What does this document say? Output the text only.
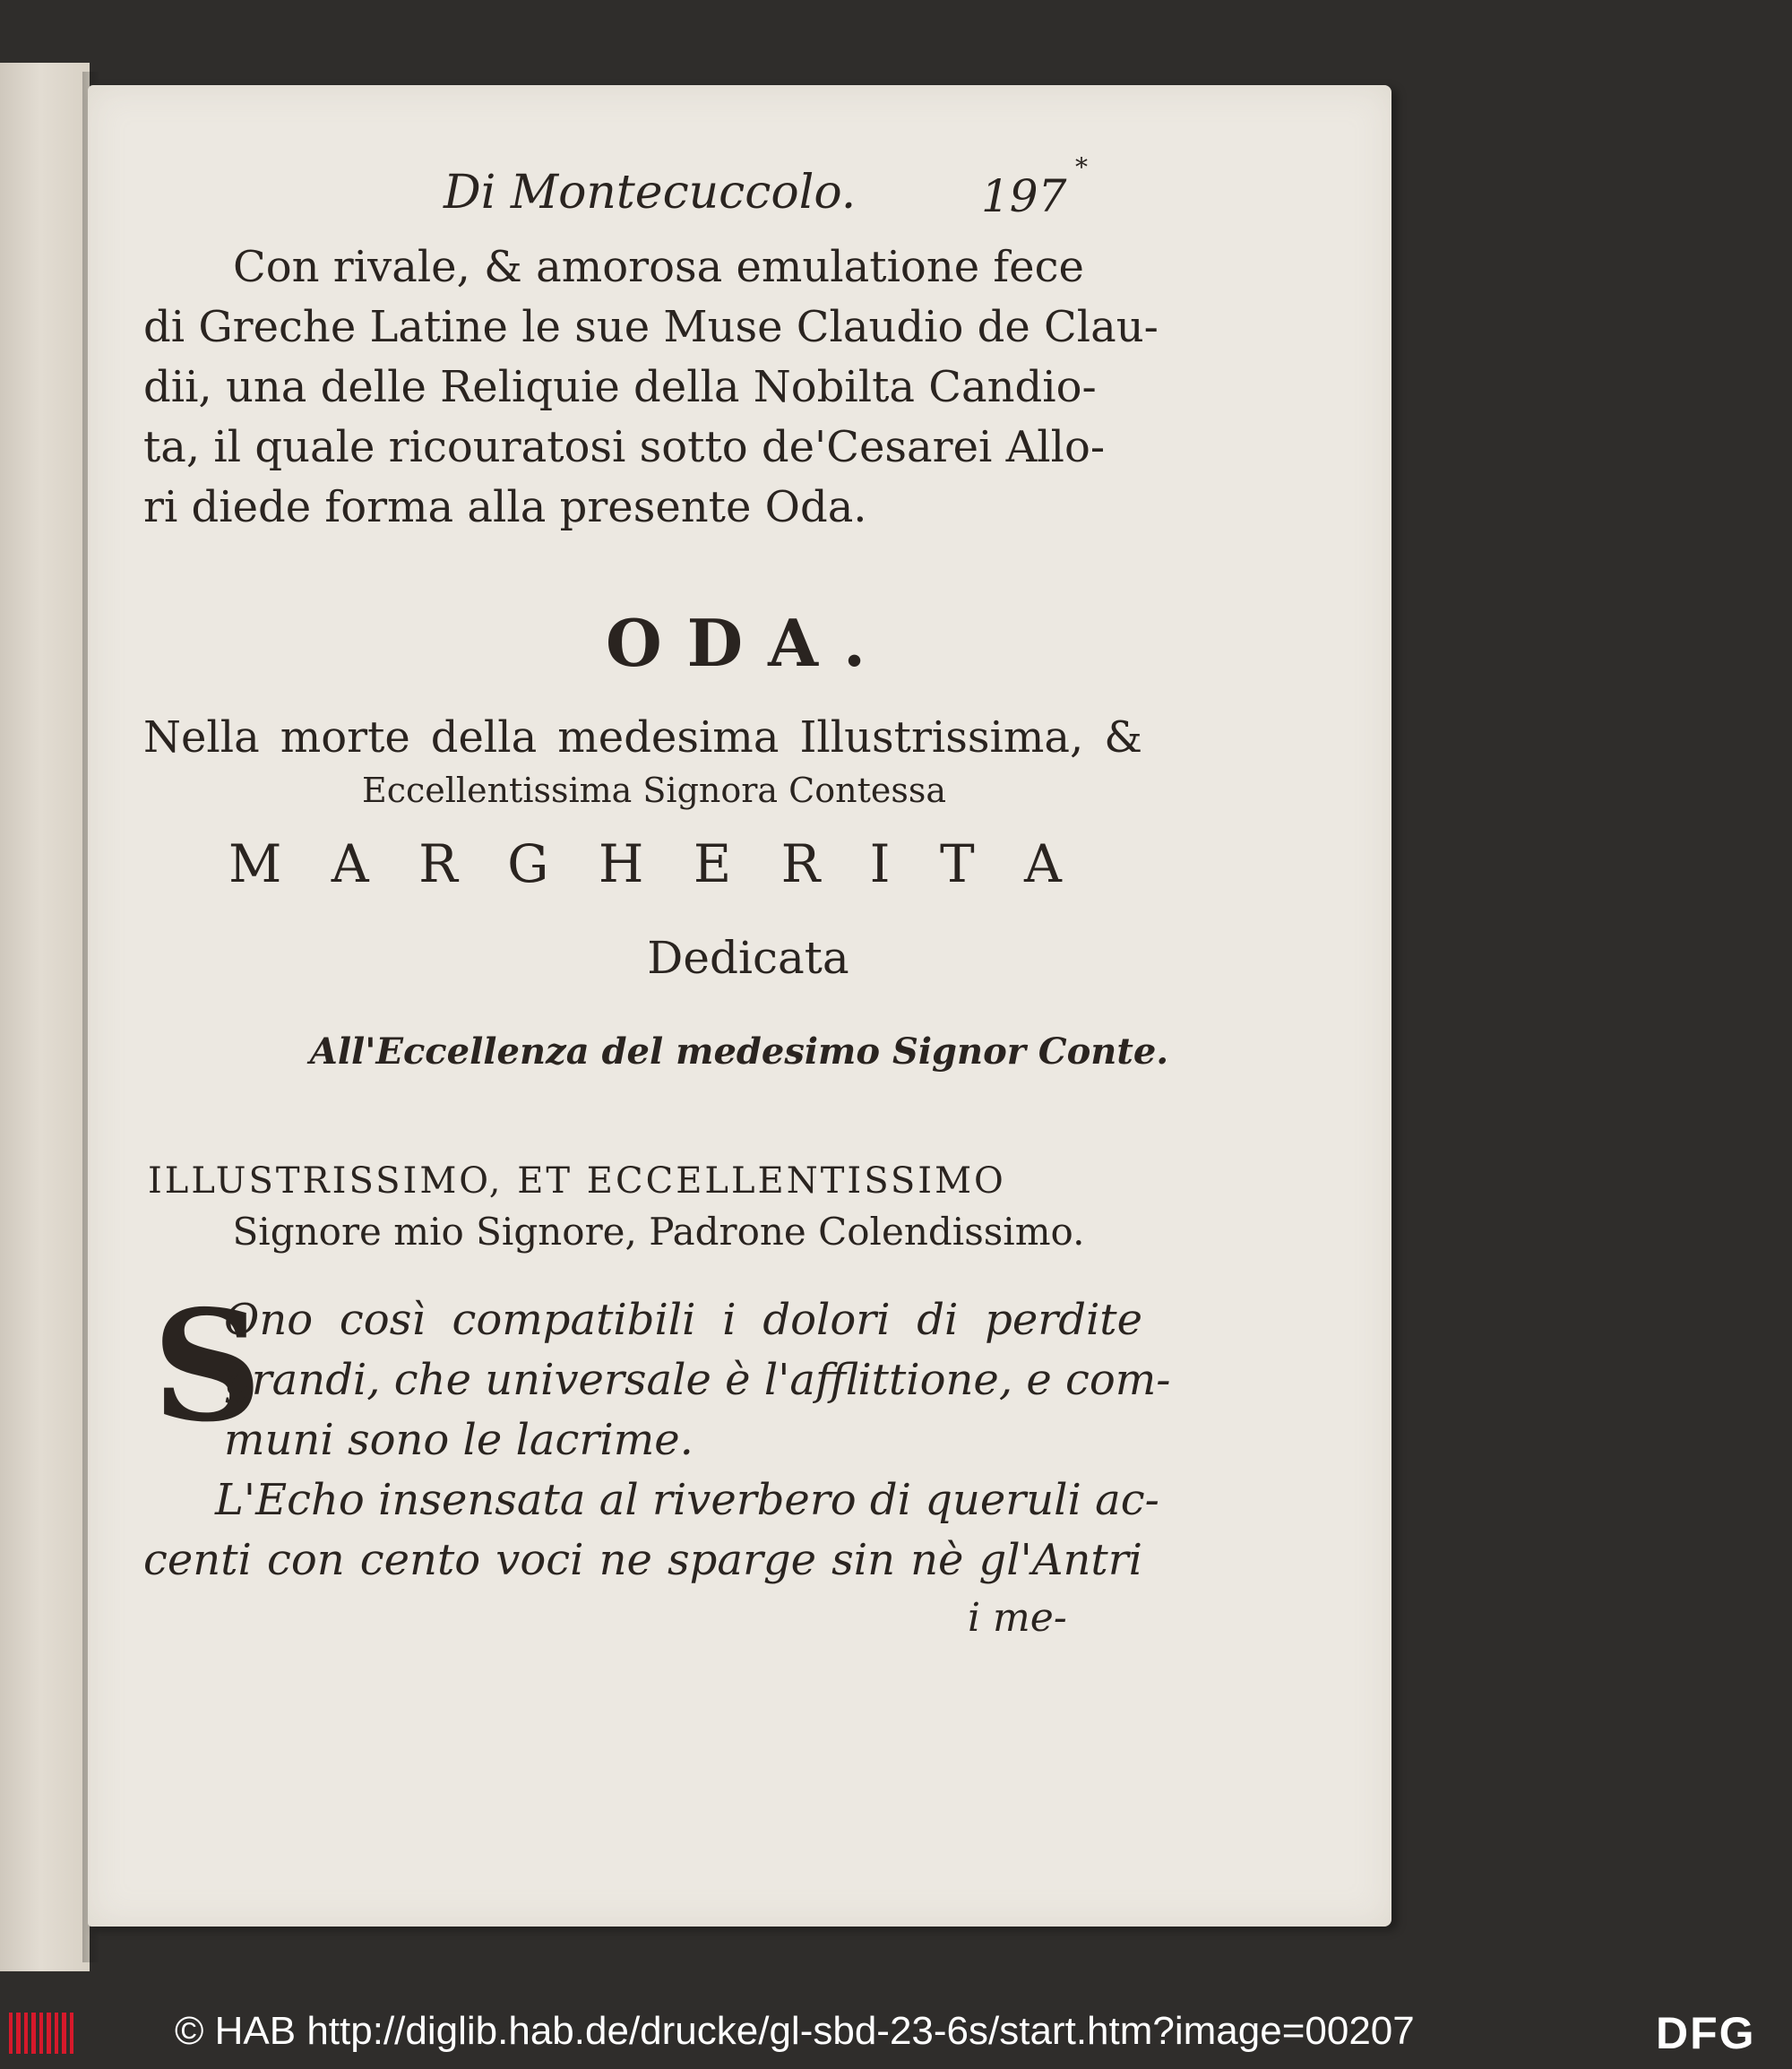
Di Montecuccolo.	197
*
Con rivale, & amorosa emulatione fece
di Greche Latine le sue Muse Claudio de Clau-
dii, una delle Reliquie della Nobilta Candio-
ta, il quale ricouratosi sotto de'Cesarei Allo-
ri diede forma alla presente Oda.
ODA.
Nella morte della medesima Illustrissima, &
Eccellentissima Signora Contessa
M A R G H E R I T A
Dedicata
All'Eccellenza del medesimo Signor Conte.
ILLUSTRISSIMO, ET ECCELLENTISSIMO
Signore mio Signore, Padrone Colendissimo.
S
Ono così compatibili i dolori di perdite
grandi, che universale è l'afflittione, e com-
muni sono le lacrime.
L'Echo insensata al riverbero di queruli ac-
centi con cento voci ne sparge sin nè gl'Antri
i me-
© HAB http://diglib.hab.de/drucke/gl-sbd-23-6s/start.htm?image=00207	DFG
